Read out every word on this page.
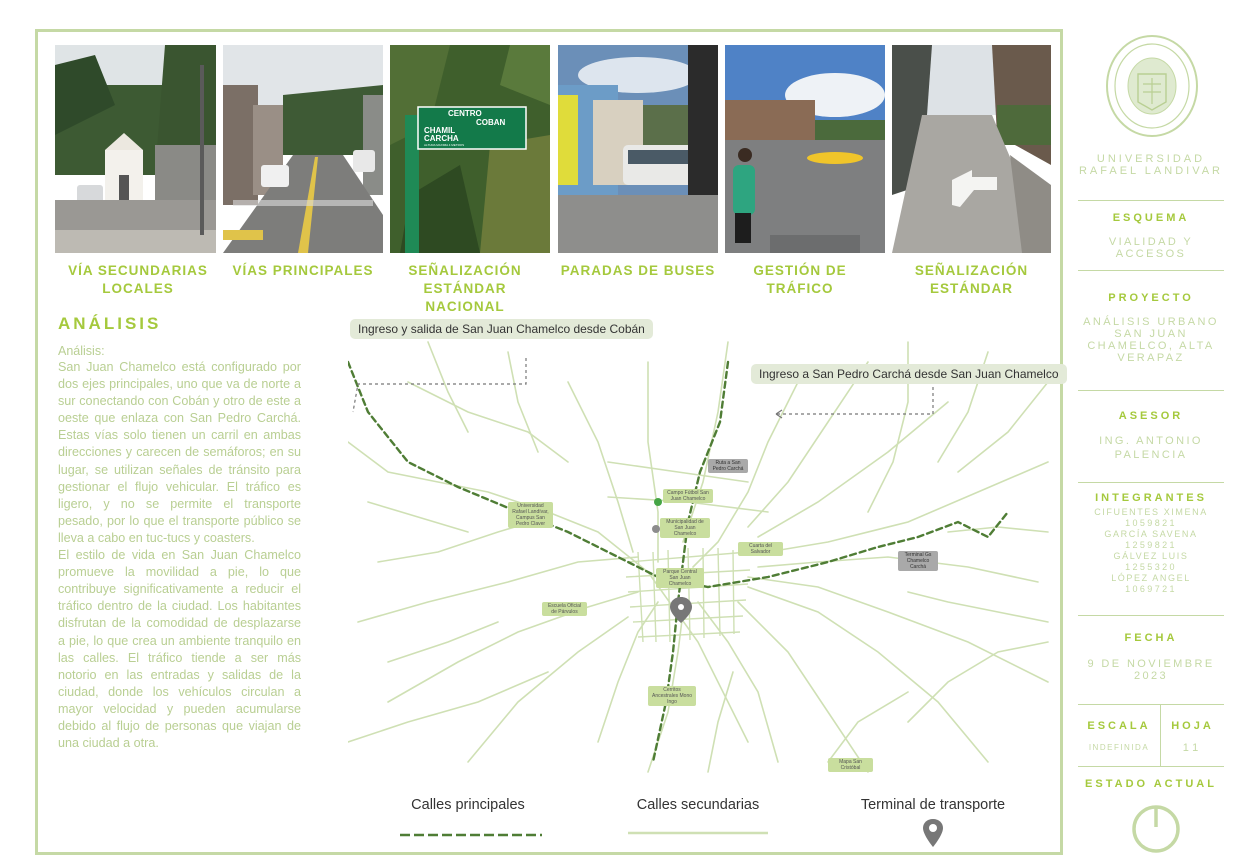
VÍA SECUNDARIAS LOCALES
VÍAS PRINCIPALES
CENTRO
COBAN
CHAMIL
CARCHA
ALTURA MAXIMA 4 METROS
SEÑALIZACIÓN ESTÁNDAR NACIONAL
PARADAS DE BUSES	GESTIÓN DE TRÁFICO
SEÑALIZACIÓN ESTÁNDAR
ANÁLISIS
Análisis:

San Juan Chamelco está configurado por dos ejes principales, uno que va de norte a sur conectando con Cobán y otro de este a oeste que enlaza con San Pedro Carchá. Estas vías solo tienen un carril en ambas direcciones y carecen de semáforos; en su lugar, se utilizan señales de tránsito para gestionar el flujo vehicular. El tráfico es ligero, y no se permite el transporte pesado, por lo que el transporte público se lleva a cabo en tuc-tucs y coasters.

El estilo de vida en San Juan Chamelco promueve la movilidad a pie, lo que contribuye significativamente a reducir el tráfico dentro de la ciudad. Los habitantes disfrutan de la comodidad de desplazarse a pie, lo que crea un ambiente tranquilo en las calles. El tráfico tiende a ser más notorio en las entradas y salidas de la ciudad, donde los vehículos circulan a mayor velocidad y pueden acumularse debido al flujo de personas que viajan de una ciudad a otra.

Ingreso y salida de San Juan Chamelco desde Cobán
Ingreso a San Pedro Carchá desde San Juan Chamelco
Universidad Rafael Landívar, Campus San Pedro Claver
Campo Fútbol San Juan Chamelco
Municipalidad de San Juan Chamelco
Parque Central San Juan Chamelco
Escuela Oficial de Párvulos
Cerritos Ancestrales Mono Ingo
Cuarta del Salvador
Ruta a San Pedro Carchá
Terminal Gs Chamelco Carchá
Mapa San Cristóbal
Calles principales	Calles secundarias	Terminal de transporte
UNIVERSIDAD RAFAEL LANDIVAR
ESQUEMA
VIALIDAD Y ACCESOS
PROYECTO
ANÁLISIS URBANO SAN JUAN CHAMELCO, ALTA VERAPAZ
ASESOR
ING. ANTONIO PALENCIA
INTEGRANTES
CIFUENTES XIMENA
1059821
GARCÍA SAVENA
1259821
GÁLVEZ LUIS
1255320
LÓPEZ ANGEL
1069721
FECHA
9 DE NOVIEMBRE 2023
ESCALA
INDEFINIDA
HOJA
11
ESTADO ACTUAL
